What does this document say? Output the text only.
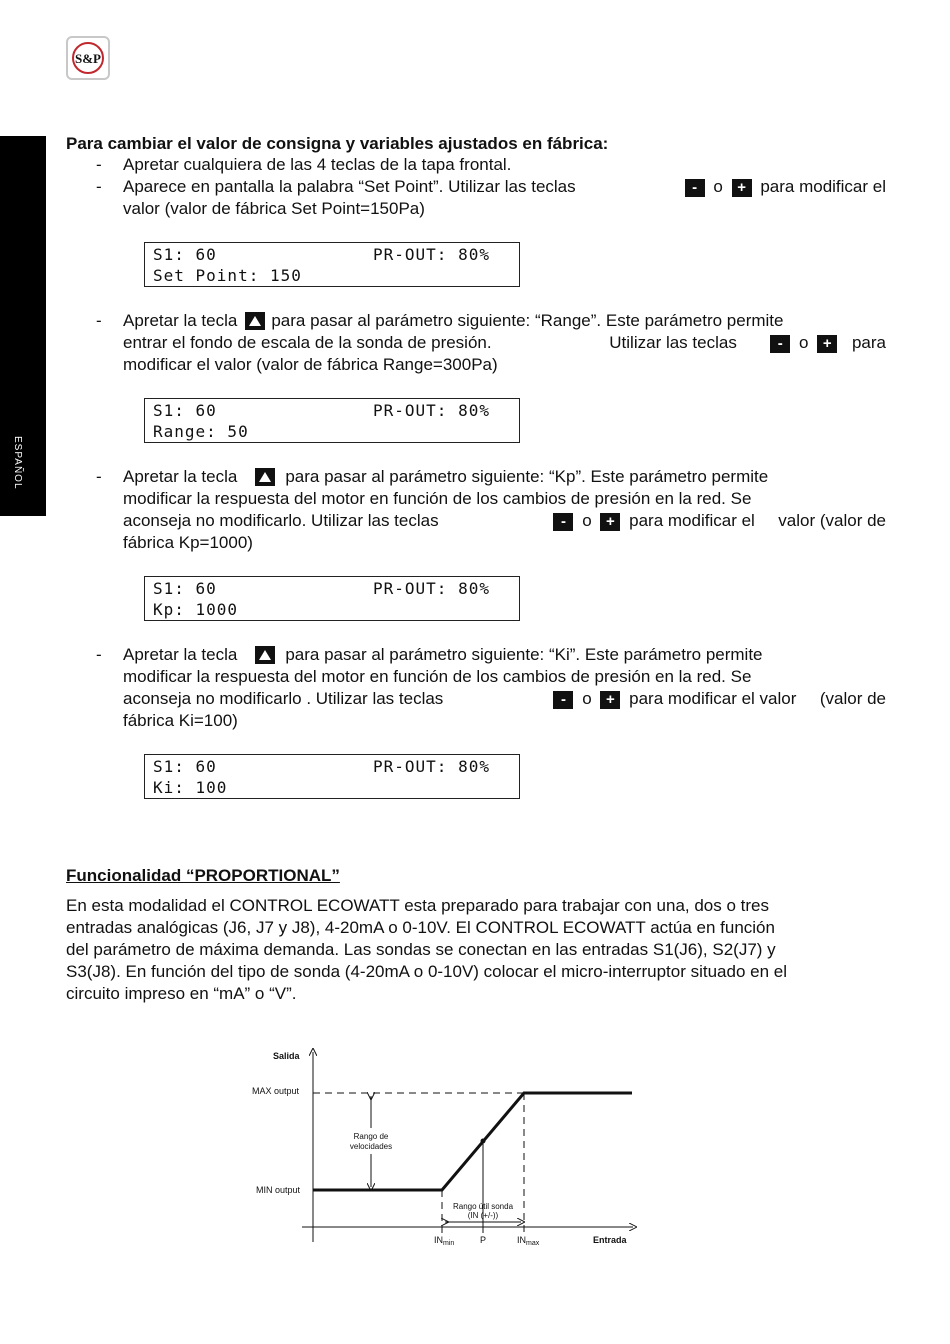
S&P
ESPAÑOL
Para cambiar el valor de consigna y variables ajustados en fábrica:
- Apretar cualquiera de las 4 teclas de la tapa frontal.
- Aparece en pantalla la palabra “Set Point”. Utilizar las teclas	- o + para modificar el
valor (valor de fábrica Set Point=150Pa)
S1: 60	PR-OUT: 80%
Set Point: 150
- Apretar la tecla para pasar al parámetro siguiente: “Range”. Este parámetro permite
entrar el fondo de escala de la sonda de presión.	Utilizar las teclas	- o + para
modificar el valor (valor de fábrica Range=300Pa)
S1: 60	PR-OUT: 80%
Range: 50
- Apretar la tecla	para pasar al parámetro siguiente: “Kp”. Este parámetro permite
modificar la respuesta del motor en función de los cambios de presión en la red. Se
aconseja no modificarlo. Utilizar las teclas	- o + para modificar el valor (valor de
fábrica Kp=1000)
S1: 60	PR-OUT: 80%
Kp: 1000
- Apretar la tecla	para pasar al parámetro siguiente: “Ki”. Este parámetro permite
modificar la respuesta del motor en función de los cambios de presión en la red. Se
aconseja no modificarlo . Utilizar las teclas	- o + para modificar el valor (valor de
fábrica Ki=100)
S1: 60	PR-OUT: 80%
Ki: 100
Funcionalidad “PROPORTIONAL”
En esta modalidad el CONTROL ECOWATT esta preparado para trabajar con una, dos o tres
entradas analógicas (J6, J7 y J8), 4-20mA o 0-10V. El CONTROL ECOWATT actúa en función
del parámetro de máxima demanda. Las sondas se conectan en las entradas S1(J6), S2(J7) y
S3(J8). En función del tipo de sonda (4-20mA o 0-10V) colocar el micro-interruptor situado en el
circuito impreso en “mA” o “V”.
Salida
Entrada
MAX output
MIN output
Rango de
velocidades
Rango útil sonda
(IN (+/-))
$IN_{min}$	P	$IN_{max}$
